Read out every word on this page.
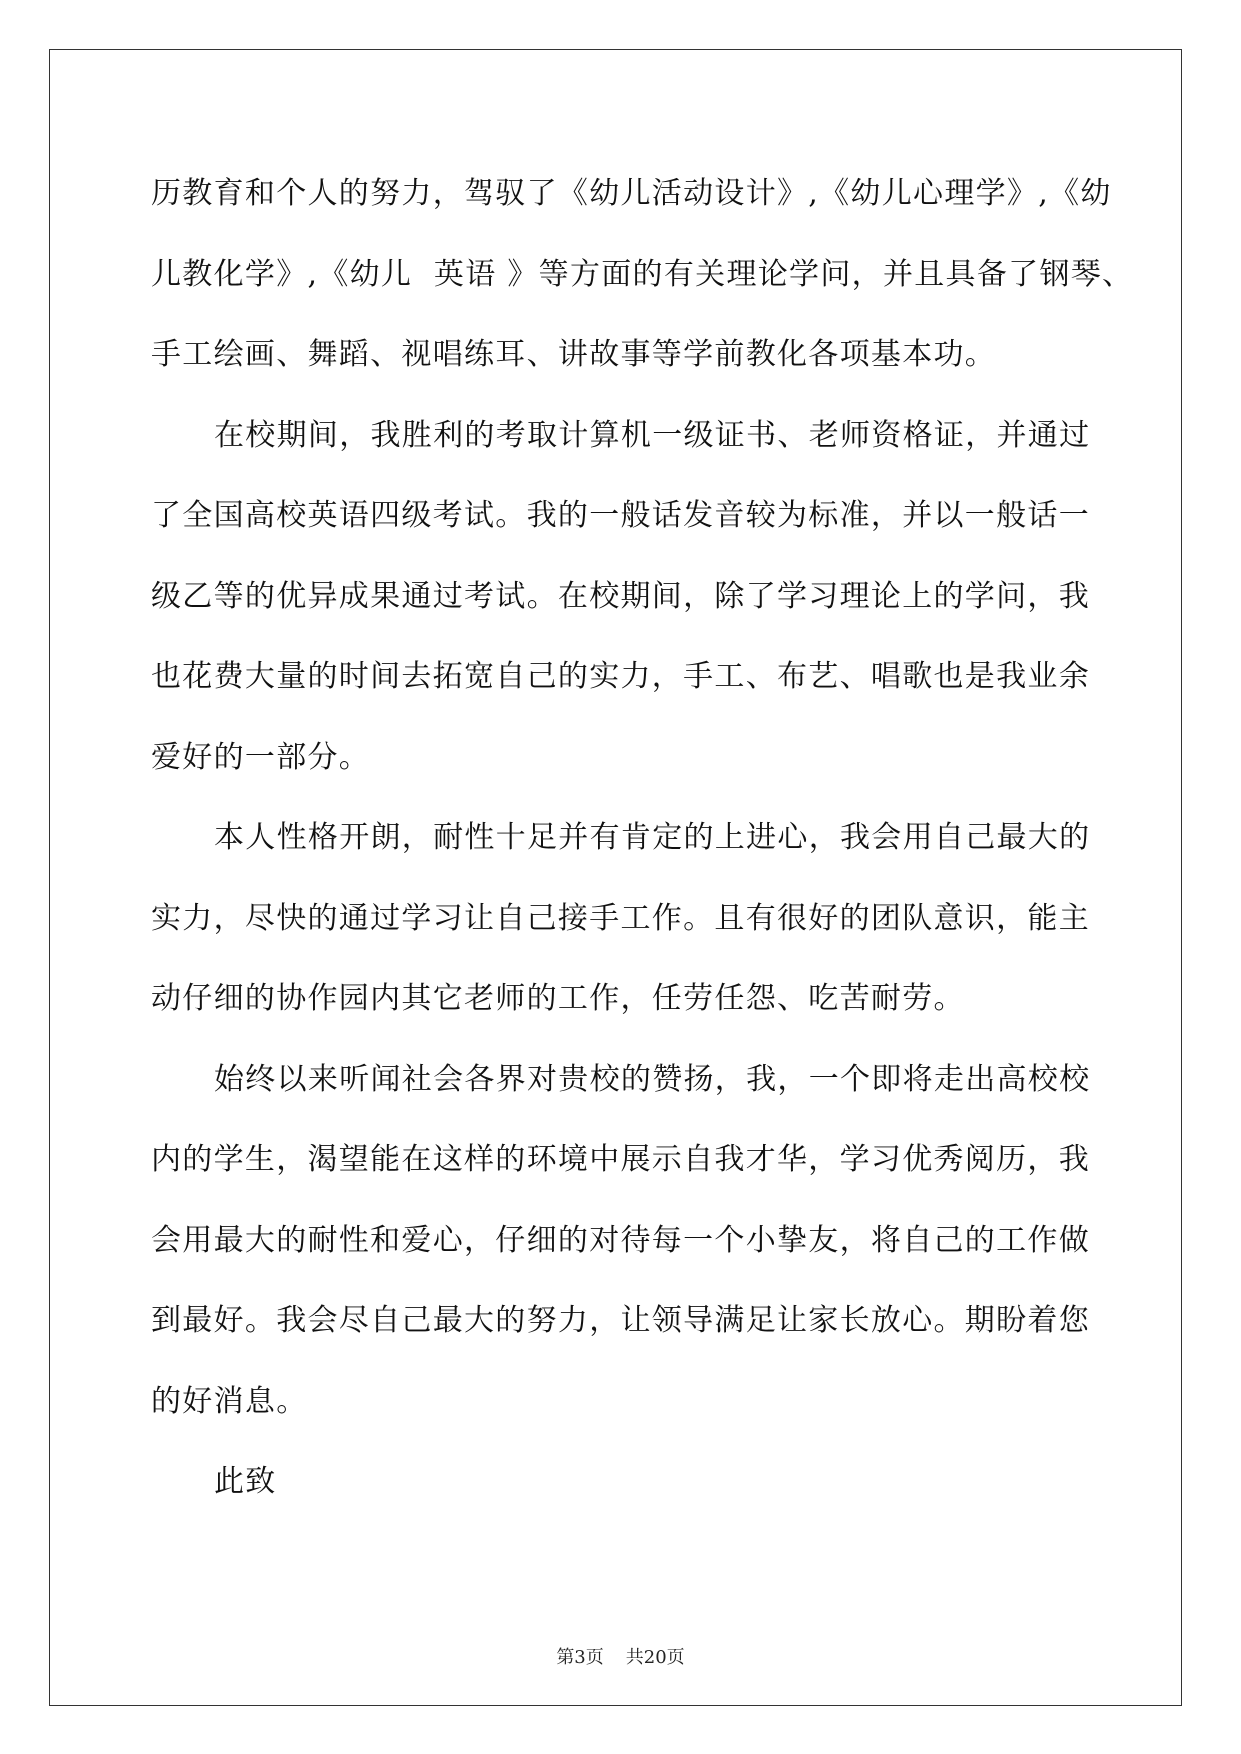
历教育和个人的努力，驾驭了《幼儿活动设计》,《幼儿心理学》,《幼
儿教化学》,《幼儿  英语 》等方面的有关理论学问，并且具备了钢琴、
手工绘画、舞蹈、视唱练耳、讲故事等学前教化各项基本功。
在校期间，我胜利的考取计算机一级证书、老师资格证，并通过
了全国高校英语四级考试。我的一般话发音较为标准，并以一般话一
级乙等的优异成果通过考试。在校期间，除了学习理论上的学问，我
也花费大量的时间去拓宽自己的实力，手工、布艺、唱歌也是我业余
爱好的一部分。
本人性格开朗，耐性十足并有肯定的上进心，我会用自己最大的
实力，尽快的通过学习让自己接手工作。且有很好的团队意识，能主
动仔细的协作园内其它老师的工作，任劳任怨、吃苦耐劳。
始终以来听闻社会各界对贵校的赞扬，我，一个即将走出高校校
内的学生，渴望能在这样的环境中展示自我才华，学习优秀阅历，我
会用最大的耐性和爱心，仔细的对待每一个小挚友，将自己的工作做
到最好。我会尽自己最大的努力，让领导满足让家长放心。期盼着您
的好消息。
此致
第3页 共20页
